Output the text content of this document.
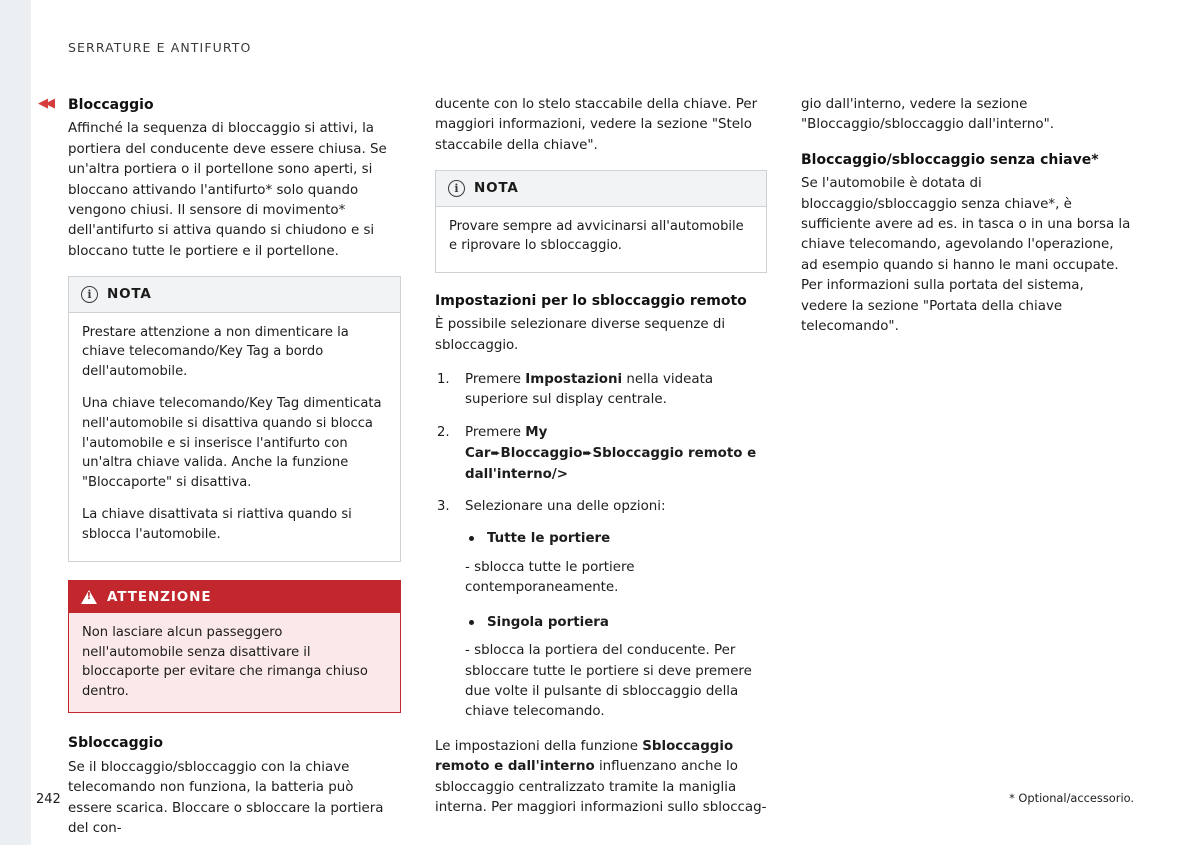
SERRATURE E ANTIFURTO
◀◀ Bloccaggio

Affinché la sequenza di bloccaggio si attivi, la portiera del conducente deve essere chiusa. Se un'altra portiera o il portellone sono aperti, si bloccano attivando l'antifurto* solo quando vengono chiusi. Il sensore di movimento* dell'antifurto si attiva quando si chiudono e si bloccano tutte le portiere e il portellone.

i	NOTA

Prestare attenzione a non dimenticare la chiave telecomando/Key Tag a bordo dell'automobile.

Una chiave telecomando/Key Tag dimenticata nell'automobile si disattiva quando si blocca l'automobile e si inserisce l'antifurto con un'altra chiave valida. Anche la funzione "Bloccaporte" si disattiva.

La chiave disattivata si riattiva quando si sblocca l'automobile.

!
ATTENZIONE

Non lasciare alcun passeggero nell'automobile senza disattivare il bloccaporte per evitare che rimanga chiuso dentro.

Sbloccaggio

Se il bloccaggio/sbloccaggio con la chiave telecomando non funziona, la batteria può essere scarica. Bloccare o sbloccare la portiera del con-

ducente con lo stelo staccabile della chiave. Per maggiori informazioni, vedere la sezione "Stelo staccabile della chiave".

i	NOTA

Provare sempre ad avvicinarsi all'automobile e riprovare lo sbloccaggio.

Impostazioni per lo sbloccaggio remoto

È possibile selezionare diverse sequenze di sbloccaggio.

1. Premere Impostazioni nella videata superiore sul display centrale.
2. Premere My Car➨Bloccaggio➨Sbloccaggio remoto e dall'interno/>
3. Selezionare una delle opzioni:
Tutte le portiere

- sblocca tutte le portiere contemporaneamente.

Singola portiera

- sblocca la portiera del conducente. Per sbloccare tutte le portiere si deve premere due volte il pulsante di sbloccaggio della chiave telecomando.

Le impostazioni della funzione Sbloccaggio remoto e dall'interno influenzano anche lo sbloccaggio centralizzato tramite la maniglia interna. Per maggiori informazioni sullo sbloccag-

gio dall'interno, vedere la sezione "Bloccaggio/sbloccaggio dall'interno".

Bloccaggio/sbloccaggio senza chiave*

Se l'automobile è dotata di bloccaggio/sbloccaggio senza chiave*, è sufficiente avere ad es. in tasca o in una borsa la chiave telecomando, agevolando l'operazione, ad esempio quando si hanno le mani occupate. Per informazioni sulla portata del sistema, vedere la sezione "Portata della chiave telecomando".

242	* Optional/accessorio.
